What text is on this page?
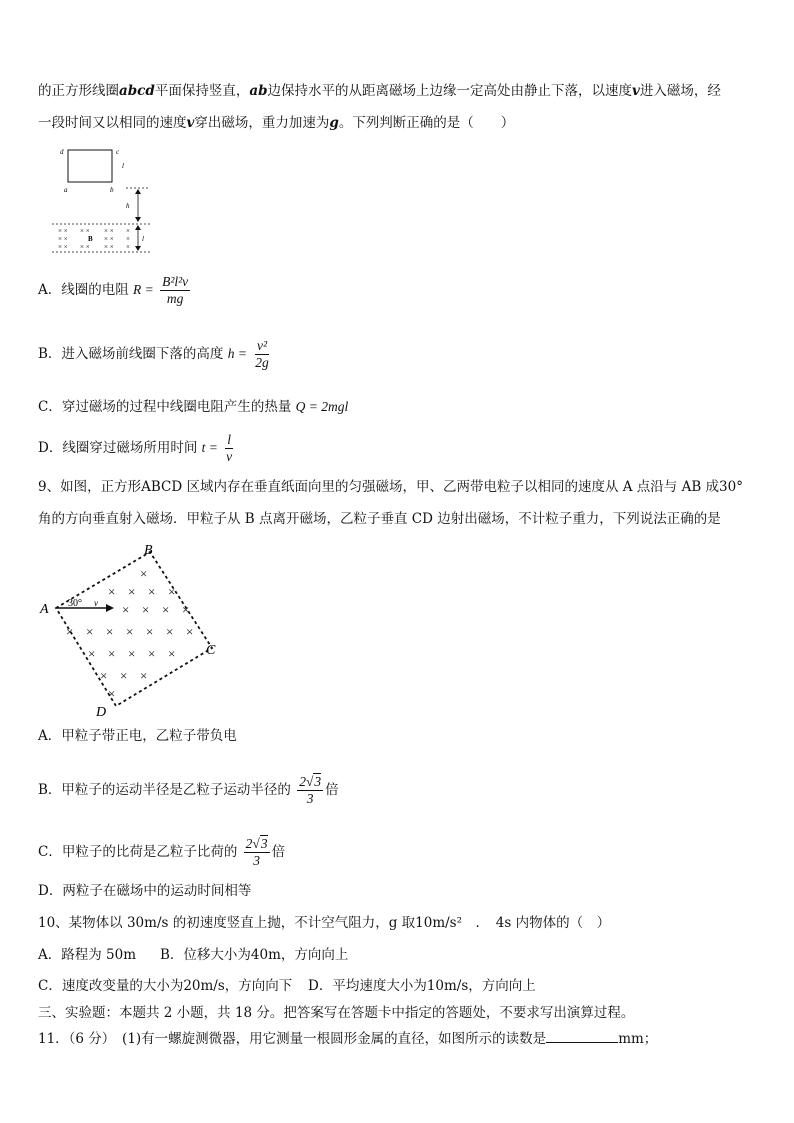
的正方形线圈abcd平面保持竖直，ab边保持水平的从距离磁场上边缘一定高处由静止下落，以速度v进入磁场，经
一段时间又以相同的速度v穿出磁场，重力加速为g。下列判断正确的是（　　）
d	c
a	b
l
h
× × × × × × ×
× ×	× × ×
× × × × × × ×
B	l
A．线圈的电阻 $R = \frac{\text{B²l²v}}{mg}$
B．进入磁场前线圈下落的高度 $h = \frac{\text{v²}}{2g}$
C．穿过磁场的过程中线圈电阻产生的热量 Q = 2mgl
D．线圈穿过磁场所用时间 $t = \frac{l}{v}$
9、如图，正方形ABCD 区域内存在垂直纸面向里的匀强磁场，甲、乙两带电粒子以相同的速度从 A 点沿与 AB 成30°
角的方向垂直射入磁场．甲粒子从 B 点离开磁场，乙粒子垂直 CD 边射出磁场，不计粒子重力，下列说法正确的是
A
B
C
D
30° v
×
× × × ×
× × × ×
× × × × × × ×
× × × × ×
× × ×
×
A．甲粒子带正电，乙粒子带负电
B．甲粒子的运动半径是乙粒子运动半径的 $\frac{2√3}{3}$ 倍
C．甲粒子的比荷是乙粒子比荷的 $\frac{2√3}{3}$ 倍
D．两粒子在磁场中的运动时间相等
10、某物体以 30m/s 的初速度竖直上抛，不计空气阻力，g 取10m/s²　．　4s 内物体的（　）
A．路程为 50m B．位移大小为40m，方向向上
C．速度改变量的大小为20m/s，方向向下 D．平均速度大小为10m/s，方向向上
三、实验题：本题共 2 小题，共 18 分。把答案写在答题卡中指定的答题处，不要求写出演算过程。
11．（6 分）　(1)有一螺旋测微器，用它测量一根圆形金属的直径，如图所示的读数是	mm；
